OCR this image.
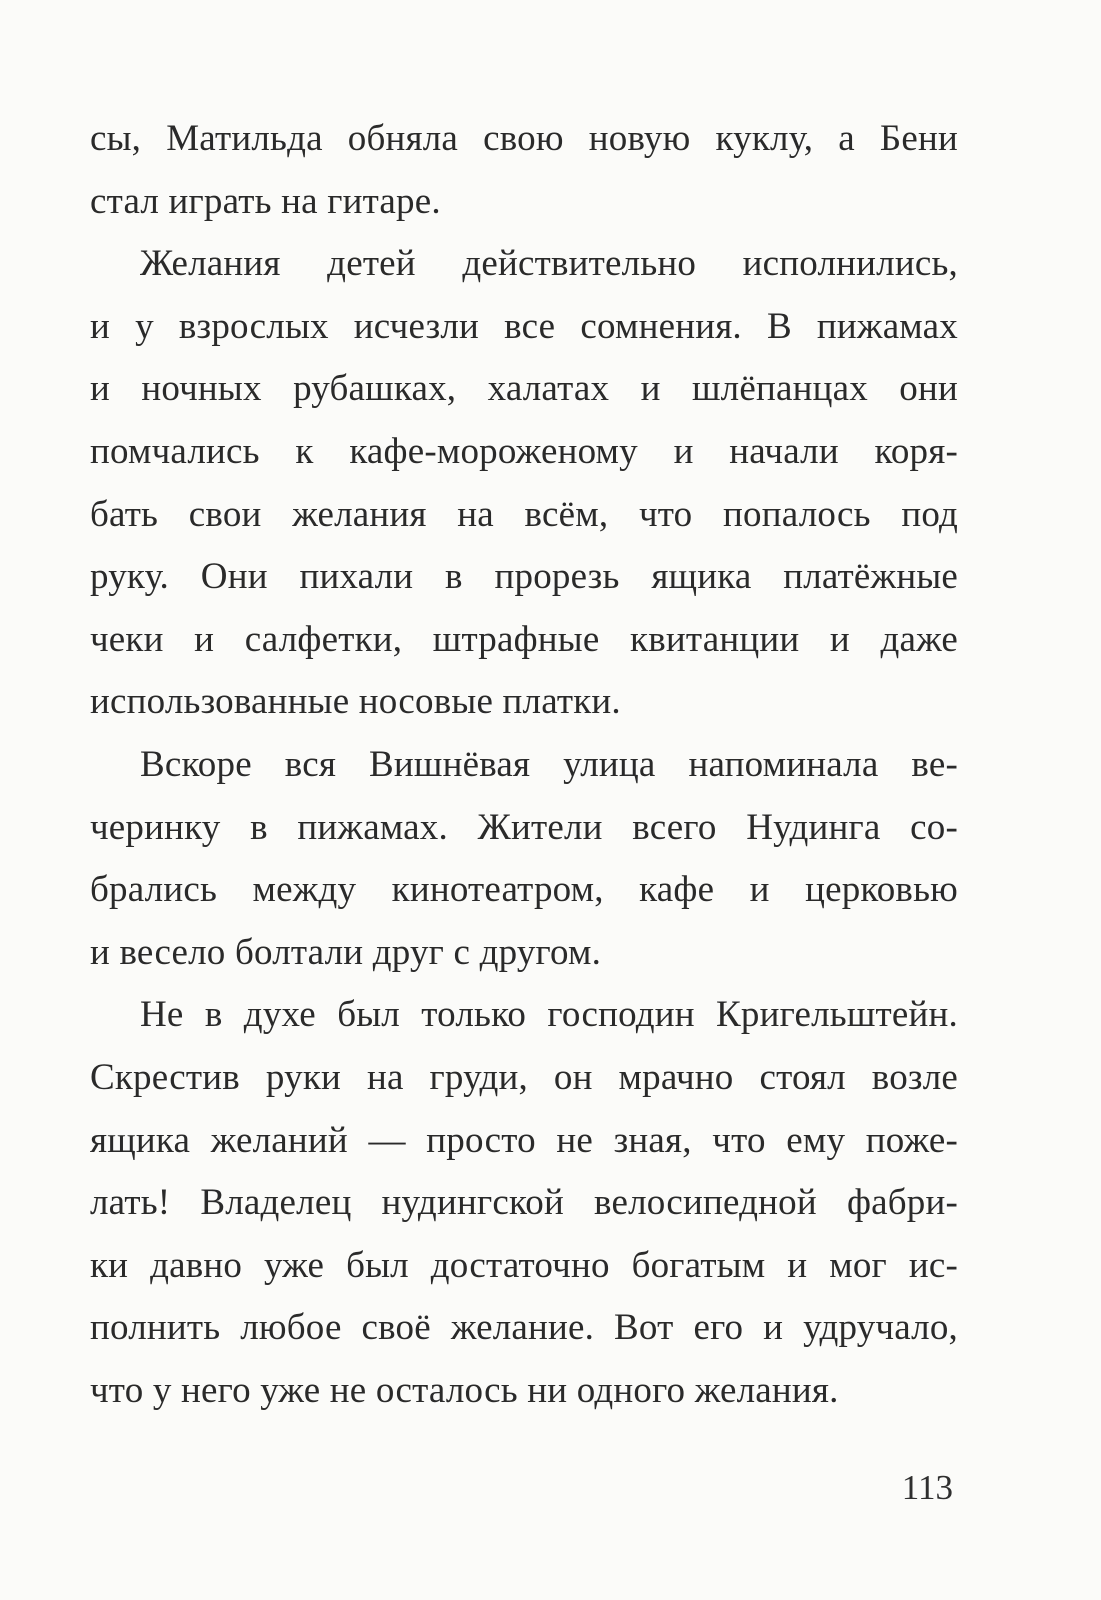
сы, Матильда обняла свою новую куклу, а Бени
стал играть на гитаре.
Желания детей действительно исполнились,
и у взрослых исчезли все сомнения. В пижамах
и ночных рубашках, халатах и шлёпанцах они
помчались к кафе-мороженому и начали коря-
бать свои желания на всём, что попалось под
руку. Они пихали в прорезь ящика платёжные
чеки и салфетки, штрафные квитанции и даже
использованные носовые платки.
Вскоре вся Вишнёвая улица напоминала ве-
черинку в пижамах. Жители всего Нудинга со-
брались между кинотеатром, кафе и церковью
и весело болтали друг с другом.
Не в духе был только господин Кригельштейн.
Скрестив руки на груди, он мрачно стоял возле
ящика желаний — просто не зная, что ему поже-
лать! Владелец нудингской велосипедной фабри-
ки давно уже был достаточно богатым и мог ис-
полнить любое своё желание. Вот его и удручало,
что у него уже не осталось ни одного желания.
113
